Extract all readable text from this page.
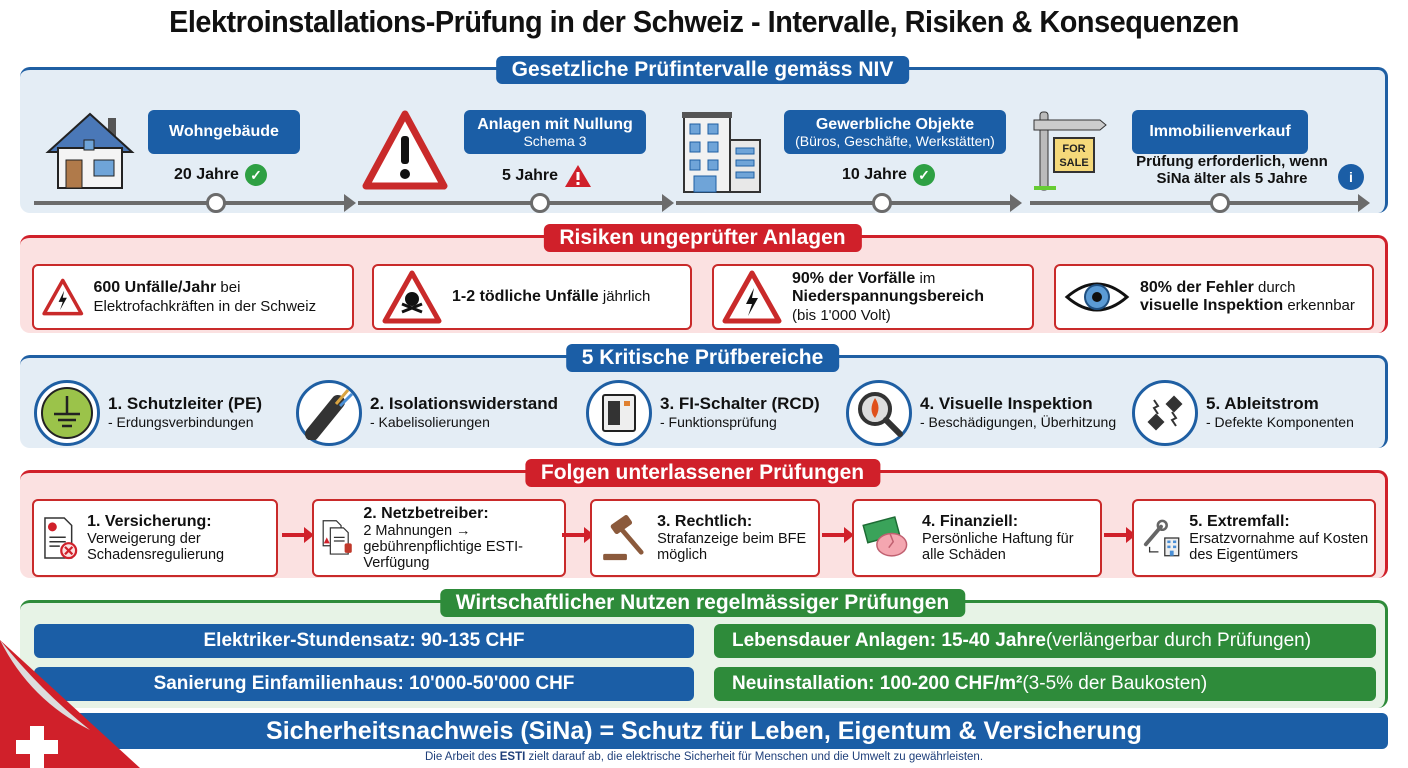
Elektroinstallations-Prüfung in der Schweiz - Intervalle, Risiken & Konsequenzen
Gesetzliche Prüfintervalle gemäss NIV
Wohngebäude
20 Jahre ✓
Anlagen mit Nullung
Schema 3
5 Jahre
Gewerbliche Objekte
(Büros, Geschäfte, Werkstätten)
10 Jahre ✓
FOR
SALE
Immobilienverkauf
Prüfung erforderlich, wenn SiNa älter als 5 Jahre	i
Risiken ungeprüfter Anlagen
600 Unfälle/Jahr bei Elektrofachkräften in der Schweiz
1-2 tödliche Unfälle jährlich
90% der Vorfälle im
Niederspannungsbereich
(bis 1'000 Volt)
80% der Fehler durch
visuelle Inspektion erkennbar
5 Kritische Prüfbereiche
1. Schutzleiter (PE)
- Erdungsverbindungen
2. Isolationswiderstand
- Kabelisolierungen
3. FI-Schalter (RCD)
- Funktionsprüfung
4. Visuelle Inspektion
- Beschädigungen, Überhitzung
5. Ableitstrom
- Defekte Komponenten
Folgen unterlassener Prüfungen
1. Versicherung:
Verweigerung der Schadensregulierung
2. Netzbetreiber:
2 Mahnungen → gebührenpflichtige ESTI-Verfügung
3. Rechtlich:
Strafanzeige beim BFE möglich
4. Finanziell:
Persönliche Haftung für alle Schäden
5. Extremfall:
Ersatzvornahme auf Kosten des Eigentümers
Wirtschaftlicher Nutzen regelmässiger Prüfungen
Elektriker-Stundensatz: 90-135 CHF
Sanierung Einfamilienhaus: 10'000-50'000 CHF
Lebensdauer Anlagen: 15-40 Jahre (verlängerbar durch Prüfungen)
Neuinstallation: 100-200 CHF/m² (3-5% der Baukosten)
Sicherheitsnachweis (SiNa) = Schutz für Leben, Eigentum & Versicherung
Die Arbeit des ESTI zielt darauf ab, die elektrische Sicherheit für Menschen und die Umwelt zu gewährleisten.
